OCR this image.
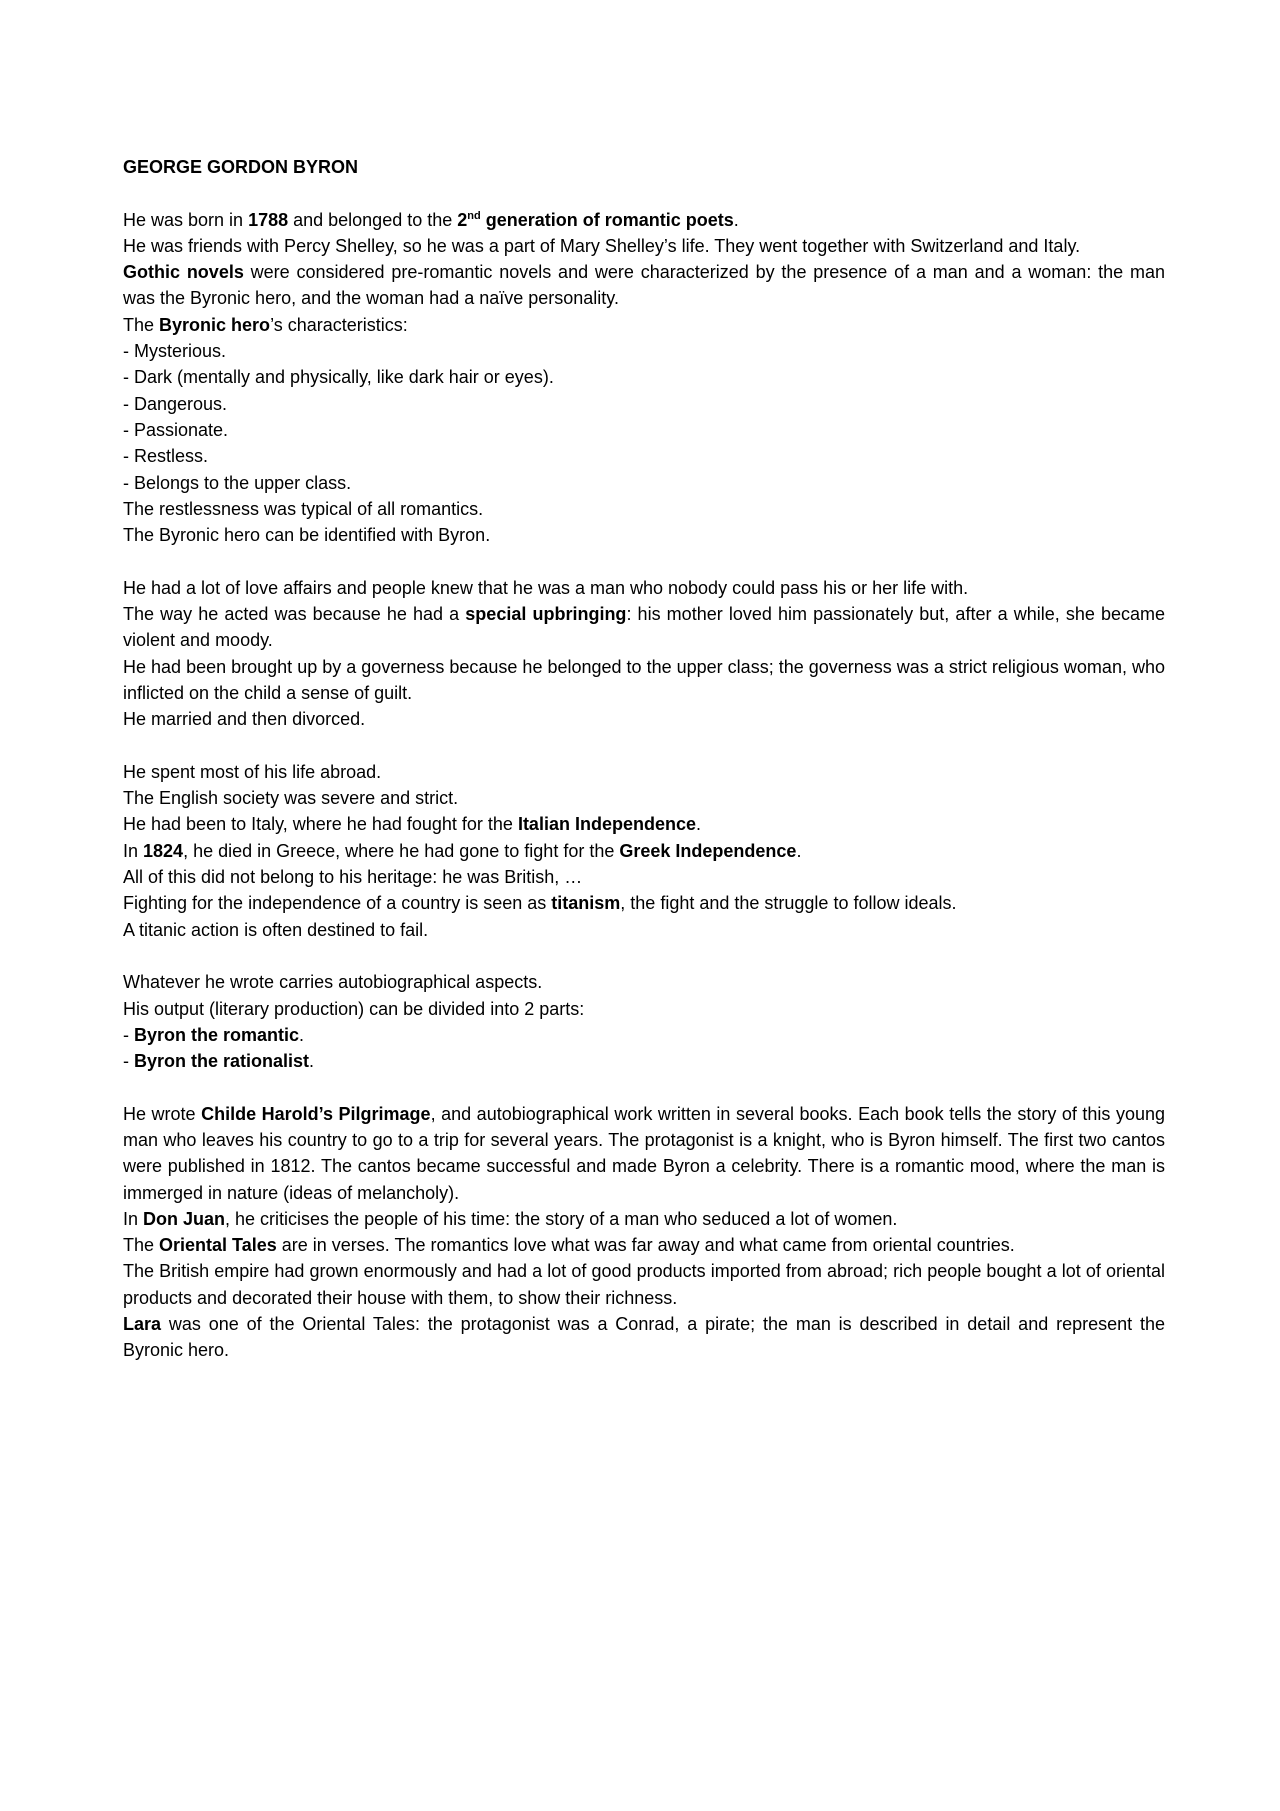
GEORGE GORDON BYRON

He was born in 1788 and belonged to the 2nd generation of romantic poets.

He was friends with Percy Shelley, so he was a part of Mary Shelley’s life. They went together with Switzerland and Italy.

Gothic novels were considered pre-romantic novels and were characterized by the presence of a man and a woman: the man was the Byronic hero, and the woman had a naïve personality.

The Byronic hero’s characteristics:

- Mysterious.

- Dark (mentally and physically, like dark hair or eyes).

- Dangerous.

- Passionate.

- Restless.

- Belongs to the upper class.

The restlessness was typical of all romantics.

The Byronic hero can be identified with Byron.

He had a lot of love affairs and people knew that he was a man who nobody could pass his or her life with.

The way he acted was because he had a special upbringing: his mother loved him passionately but, after a while, she became violent and moody.

He had been brought up by a governess because he belonged to the upper class; the governess was a strict religious woman, who inflicted on the child a sense of guilt.

He married and then divorced.

He spent most of his life abroad.

The English society was severe and strict.

He had been to Italy, where he had fought for the Italian Independence.

In 1824, he died in Greece, where he had gone to fight for the Greek Independence.

All of this did not belong to his heritage: he was British, …

Fighting for the independence of a country is seen as titanism, the fight and the struggle to follow ideals.

A titanic action is often destined to fail.

Whatever he wrote carries autobiographical aspects.

His output (literary production) can be divided into 2 parts:

- Byron the romantic.

- Byron the rationalist.

He wrote Childe Harold’s Pilgrimage, and autobiographical work written in several books. Each book tells the story of this young man who leaves his country to go to a trip for several years. The protagonist is a knight, who is Byron himself. The first two cantos were published in 1812. The cantos became successful and made Byron a celebrity. There is a romantic mood, where the man is immerged in nature (ideas of melancholy).

In Don Juan, he criticises the people of his time: the story of a man who seduced a lot of women.

The Oriental Tales are in verses. The romantics love what was far away and what came from oriental countries.

The British empire had grown enormously and had a lot of good products imported from abroad; rich people bought a lot of oriental products and decorated their house with them, to show their richness.

Lara was one of the Oriental Tales: the protagonist was a Conrad, a pirate; the man is described in detail and represent the Byronic hero.
